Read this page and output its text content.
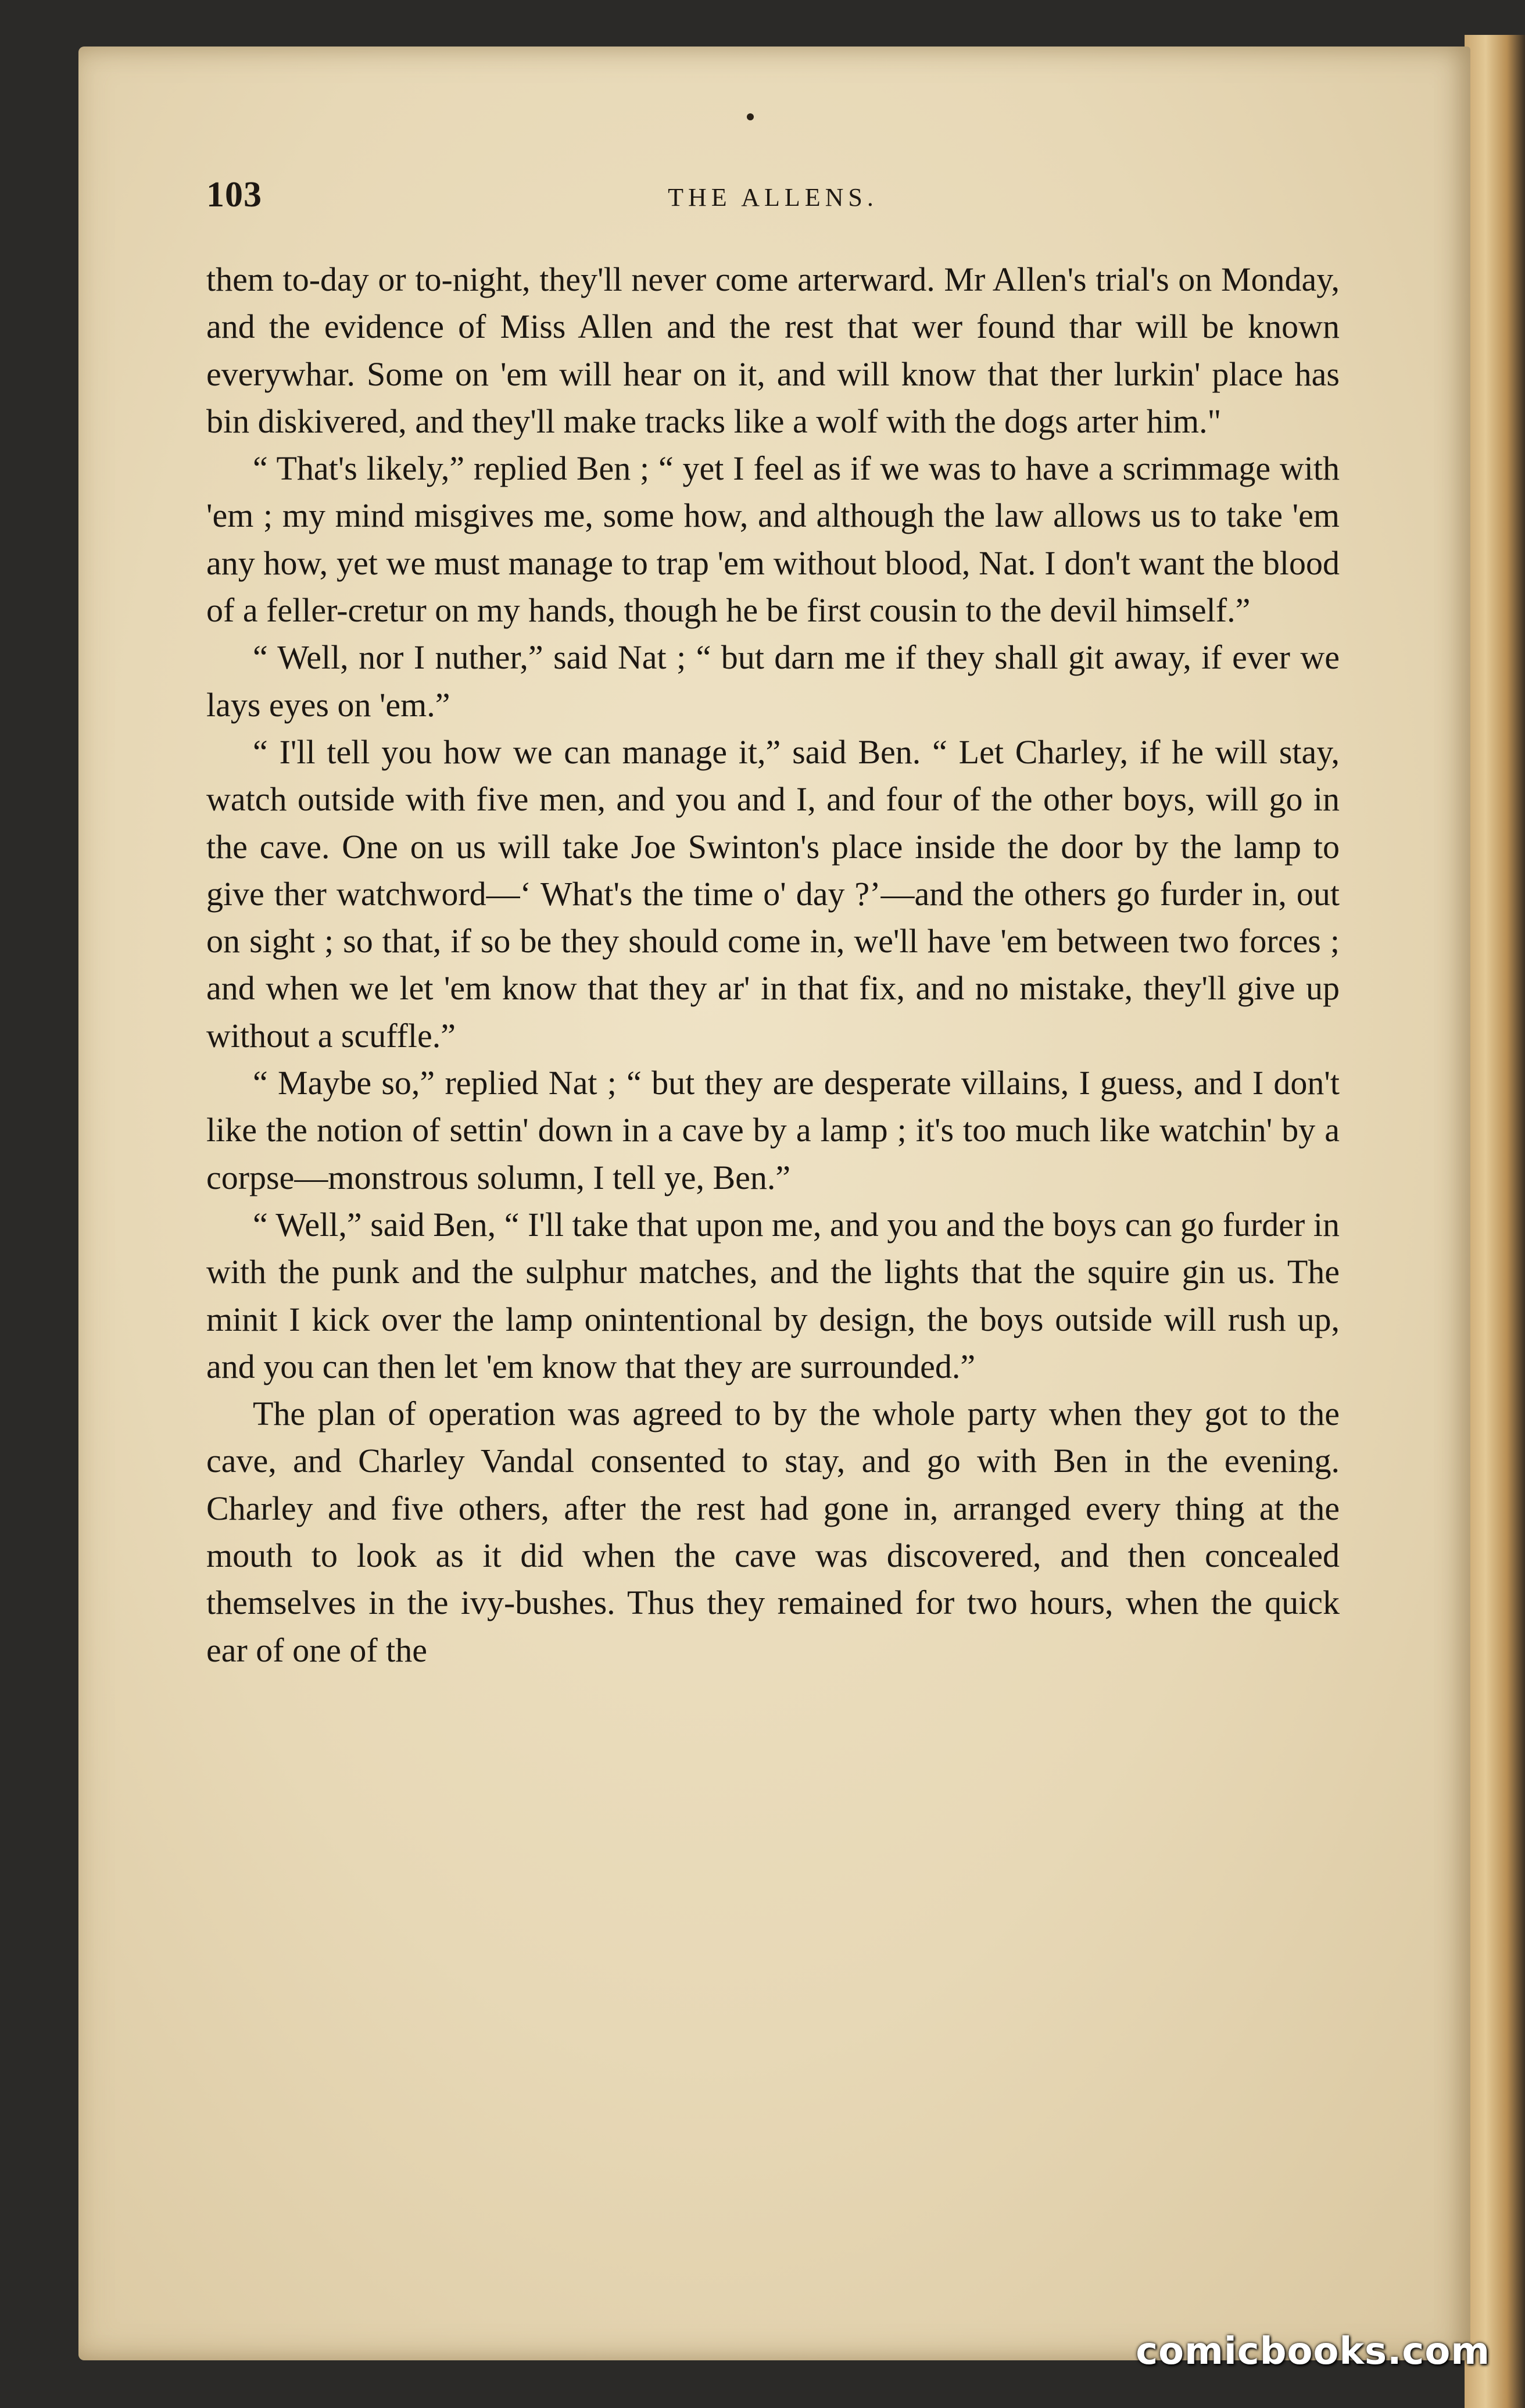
103	THE ALLENS.

them to-day or to-night, they'll never come arterward. Mr Allen's trial's on Monday, and the evidence of Miss Allen and the rest that wer found thar will be known everywhar. Some on 'em will hear on it, and will know that ther lurkin' place has bin diskivered, and they'll make tracks like a wolf with the dogs arter him."

“ That's likely,” replied Ben ; “ yet I feel as if we was to have a scrimmage with 'em ; my mind misgives me, some how, and although the law allows us to take 'em any how, yet we must manage to trap 'em without blood, Nat. I don't want the blood of a feller-cretur on my hands, though he be first cousin to the devil himself.”

“ Well, nor I nuther,” said Nat ; “ but darn me if they shall git away, if ever we lays eyes on 'em.”

“ I'll tell you how we can manage it,” said Ben. “ Let Charley, if he will stay, watch outside with five men, and you and I, and four of the other boys, will go in the cave. One on us will take Joe Swinton's place inside the door by the lamp to give ther watchword—‘ What's the time o' day ?’—and the others go furder in, out on sight ; so that, if so be they should come in, we'll have 'em between two forces ; and when we let 'em know that they ar' in that fix, and no mistake, they'll give up without a scuffle.”

“ Maybe so,” replied Nat ; “ but they are desperate villains, I guess, and I don't like the notion of settin' down in a cave by a lamp ; it's too much like watchin' by a corpse—monstrous solumn, I tell ye, Ben.”

“ Well,” said Ben, “ I'll take that upon me, and you and the boys can go furder in with the punk and the sulphur matches, and the lights that the squire gin us. The minit I kick over the lamp onintentional by design, the boys outside will rush up, and you can then let 'em know that they are surrounded.”

The plan of operation was agreed to by the whole party when they got to the cave, and Charley Vandal consented to stay, and go with Ben in the evening. Charley and five others, after the rest had gone in, arranged every thing at the mouth to look as it did when the cave was discovered, and then concealed themselves in the ivy-bushes. Thus they remained for two hours, when the quick ear of one of the

comicbooks.com
